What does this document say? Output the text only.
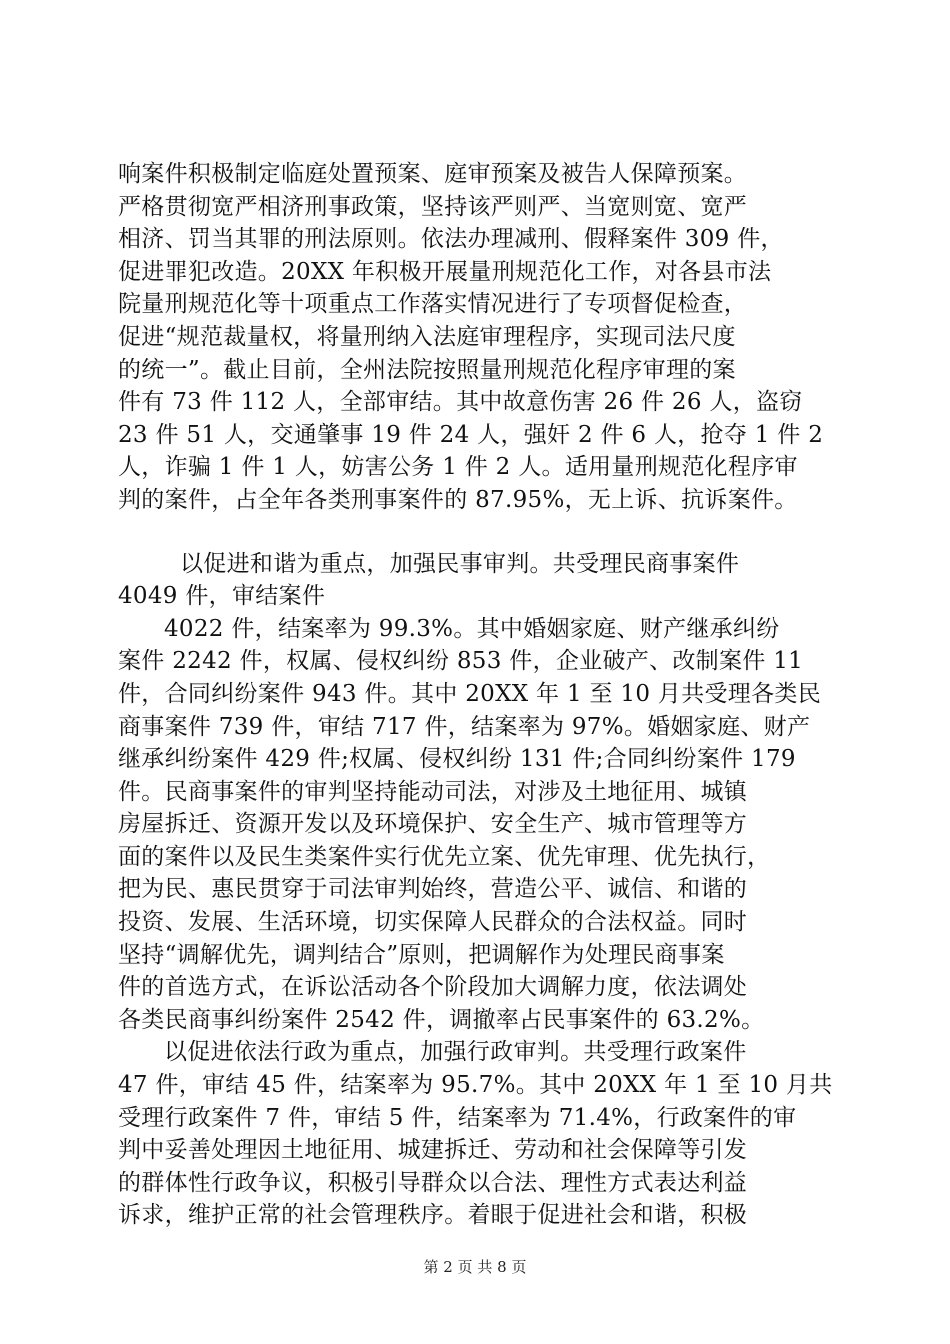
响案件积极制定临庭处置预案、庭审预案及被告人保障预案。

严格贯彻宽严相济刑事政策，坚持该严则严、当宽则宽、宽严

相济、罚当其罪的刑法原则。依法办理减刑、假释案件 309 件，

促进罪犯改造。20XX 年积极开展量刑规范化工作，对各县市法

院量刑规范化等十项重点工作落实情况进行了专项督促检查，

促进“规范裁量权，将量刑纳入法庭审理程序，实现司法尺度

的统一”。截止目前，全州法院按照量刑规范化程序审理的案

件有 73 件 112 人，全部审结。其中故意伤害 26 件 26 人，盗窃

23 件 51 人，交通肇事 19 件 24 人，强奸 2 件 6 人，抢夺 1 件 2

人，诈骗 1 件 1 人，妨害公务 1 件 2 人。适用量刑规范化程序审

判的案件，占全年各类刑事案件的 87.95%，无上诉、抗诉案件。

以促进和谐为重点，加强民事审判。共受理民商事案件

4049 件，审结案件

4022 件，结案率为 99.3%。其中婚姻家庭、财产继承纠纷

案件 2242 件，权属、侵权纠纷 853 件，企业破产、改制案件 11

件，合同纠纷案件 943 件。其中 20XX 年 1 至 10 月共受理各类民

商事案件 739 件，审结 717 件，结案率为 97%。婚姻家庭、财产

继承纠纷案件 429 件;权属、侵权纠纷 131 件;合同纠纷案件 179

件。民商事案件的审判坚持能动司法，对涉及土地征用、城镇

房屋拆迁、资源开发以及环境保护、安全生产、城市管理等方

面的案件以及民生类案件实行优先立案、优先审理、优先执行，

把为民、惠民贯穿于司法审判始终，营造公平、诚信、和谐的

投资、发展、生活环境，切实保障人民群众的合法权益。同时

坚持“调解优先，调判结合”原则，把调解作为处理民商事案

件的首选方式，在诉讼活动各个阶段加大调解力度，依法调处

各类民商事纠纷案件 2542 件，调撤率占民事案件的 63.2%。

以促进依法行政为重点，加强行政审判。共受理行政案件

47 件，审结 45 件，结案率为 95.7%。其中 20XX 年 1 至 10 月共

受理行政案件 7 件，审结 5 件，结案率为 71.4%，行政案件的审

判中妥善处理因土地征用、城建拆迁、劳动和社会保障等引发

的群体性行政争议，积极引导群众以合法、理性方式表达利益

诉求，维护正常的社会管理秩序。着眼于促进社会和谐，积极

第 2 页 共 8 页
